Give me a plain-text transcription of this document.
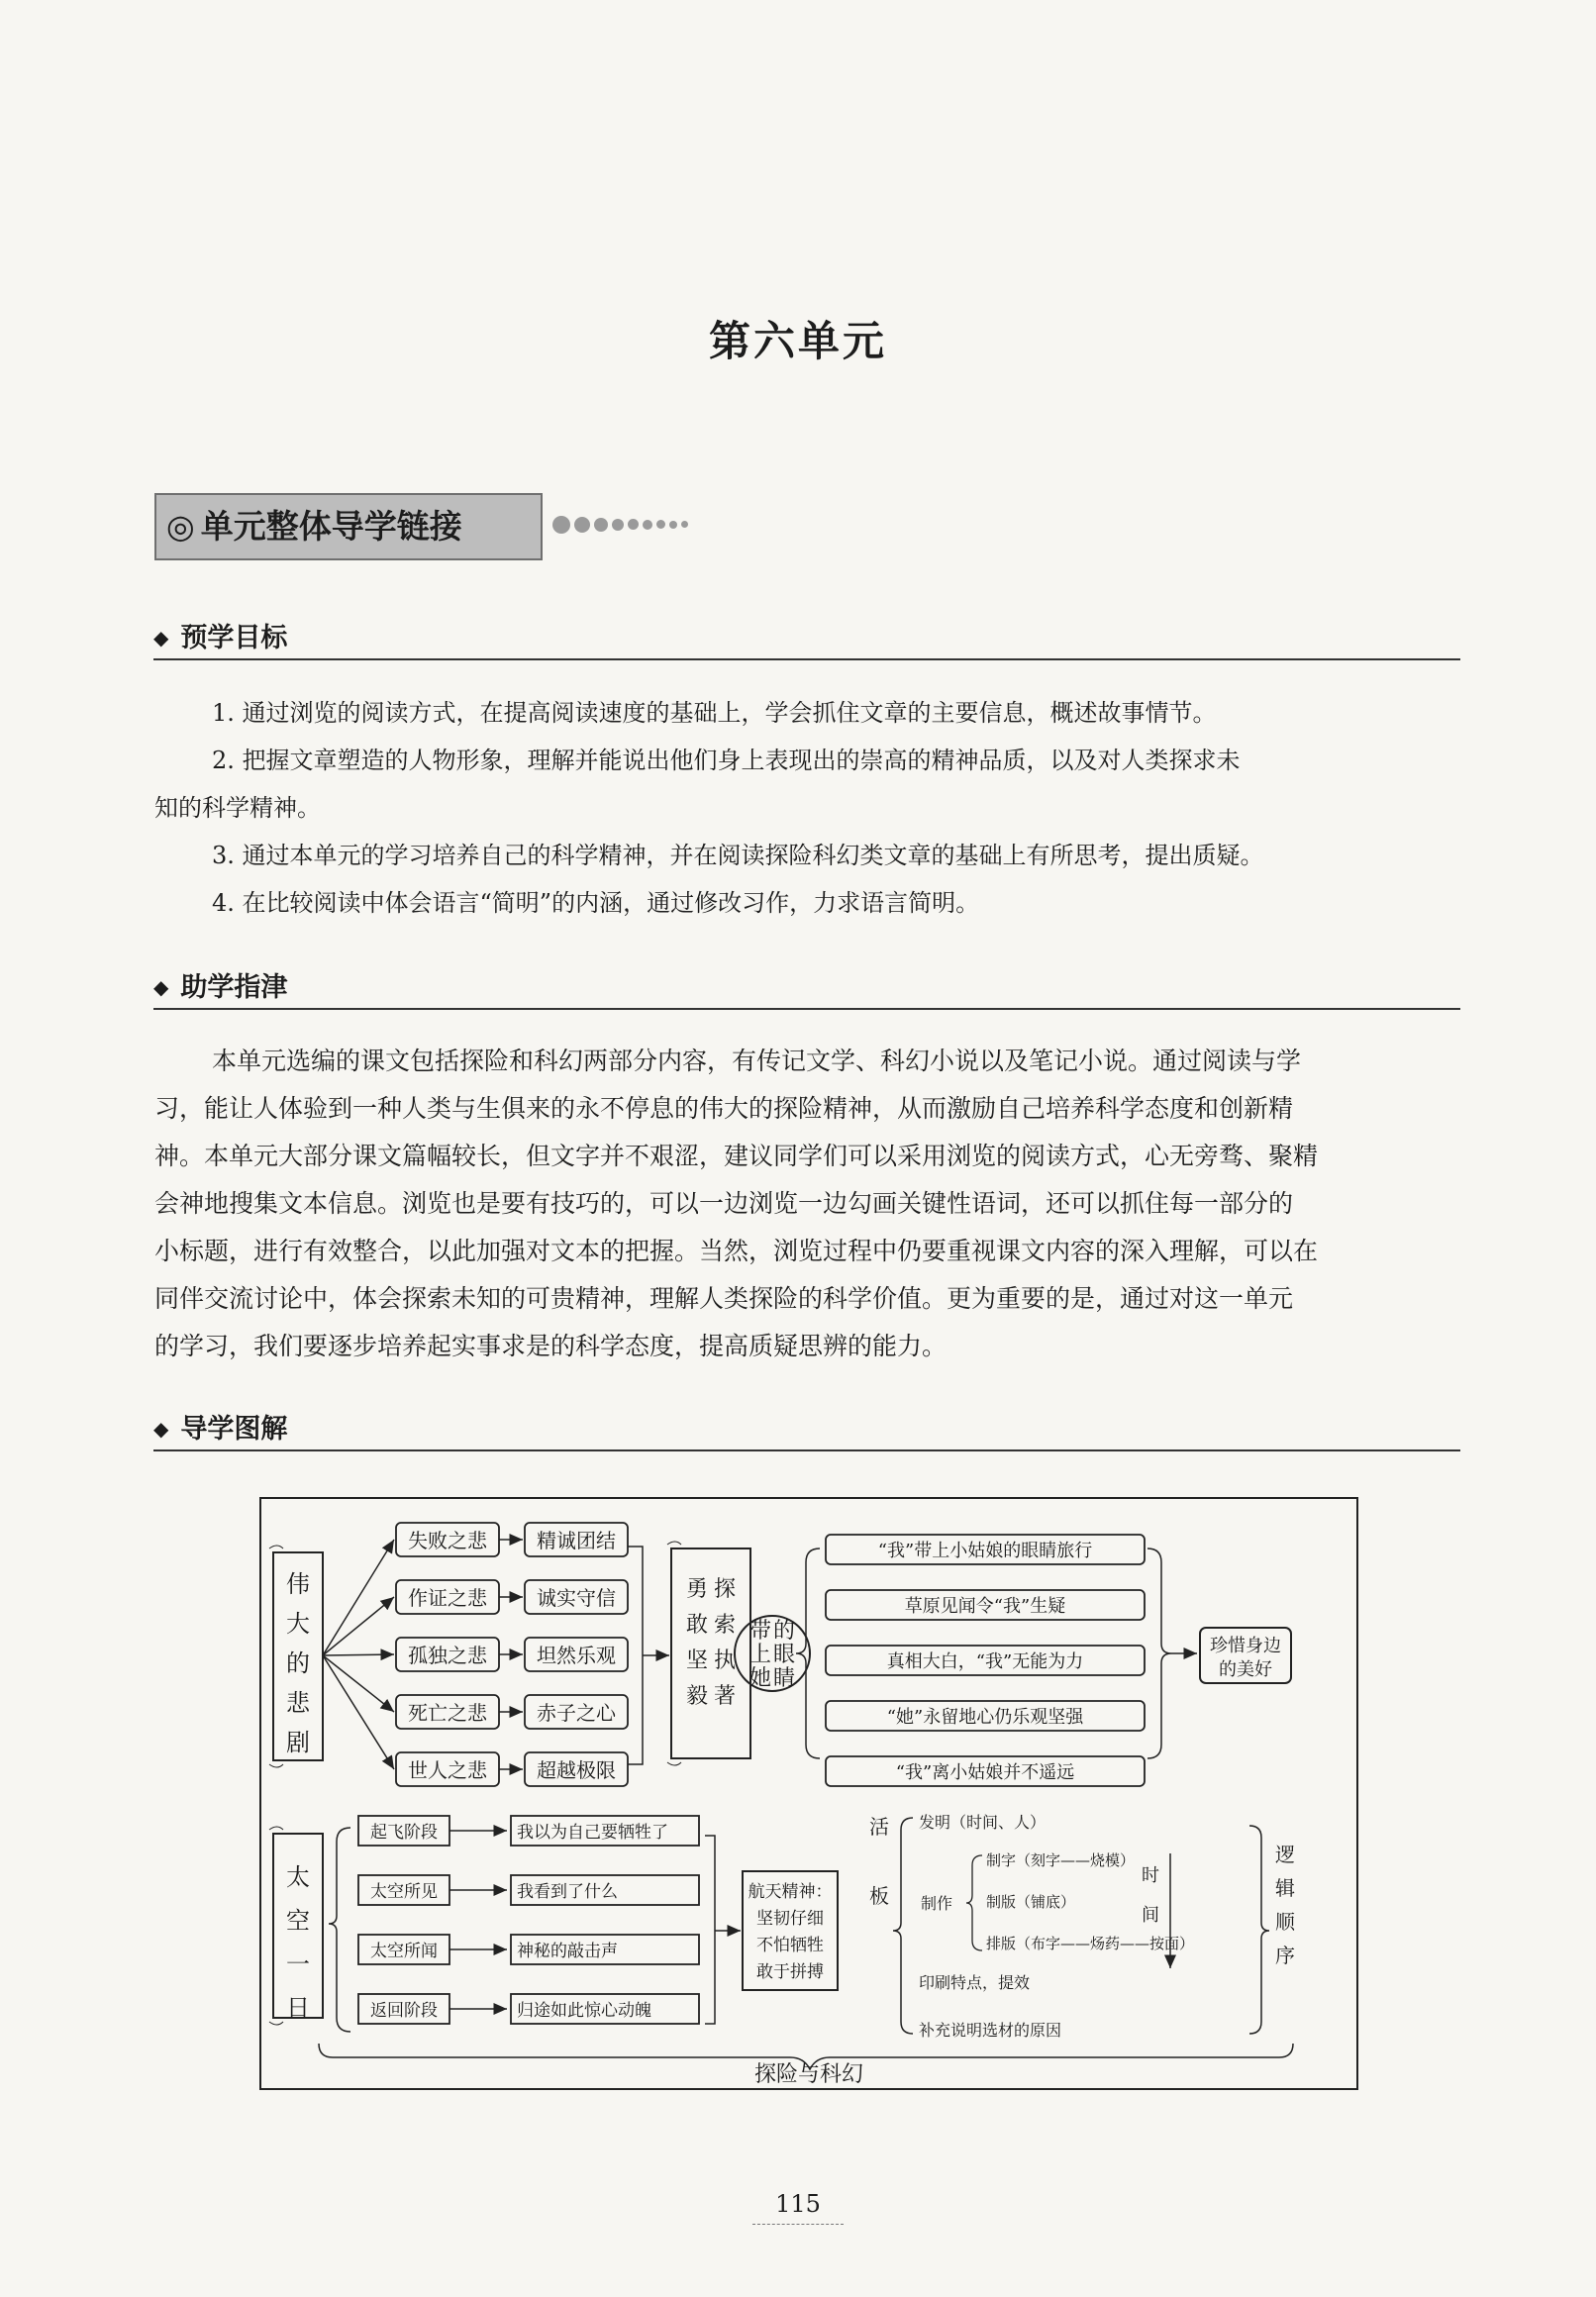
第六单元
◎ 单元整体导学链接
◆ 预学目标

1. 通过浏览的阅读方式，在提高阅读速度的基础上，学会抓住文章的主要信息，概述故事情节。

2. 把握文章塑造的人物形象，理解并能说出他们身上表现出的崇高的精神品质，以及对人类探求未

知的科学精神。

3. 通过本单元的学习培养自己的科学精神，并在阅读探险科幻类文章的基础上有所思考，提出质疑。

4. 在比较阅读中体会语言“简明”的内涵，通过修改习作，力求语言简明。

◆ 助学指津

本单元选编的课文包括探险和科幻两部分内容，有传记文学、科幻小说以及笔记小说。通过阅读与学

习，能让人体验到一种人类与生俱来的永不停息的伟大的探险精神，从而激励自己培养科学态度和创新精

神。本单元大部分课文篇幅较长，但文字并不艰涩，建议同学们可以采用浏览的阅读方式，心无旁骛、聚精

会神地搜集文本信息。浏览也是要有技巧的，可以一边浏览一边勾画关键性语词，还可以抓住每一部分的

小标题，进行有效整合，以此加强对文本的把握。当然，浏览过程中仍要重视课文内容的深入理解，可以在

同伴交流讨论中，体会探索未知的可贵精神，理解人类探险的科学价值。更为重要的是，通过对这一单元

的学习，我们要逐步培养起实事求是的科学态度，提高质疑思辨的能力。

◆ 导学图解
伟大的悲剧
失败之悲
作证之悲
孤独之悲
死亡之悲
世人之悲
精诚团结
诚实守信
坦然乐观
赤子之心
超越极限
勇敢坚毅探索执著
带上她的眼睛
“我”带上小姑娘的眼睛旅行
草原见闻令“我”生疑
真相大白，“我”无能为力
“她”永留地心仍乐观坚强
“我”离小姑娘并不遥远
珍惜身边的美好
太空一日
起飞阶段
太空所见
太空所闻
返回阶段
我以为自己要牺牲了
我看到了什么
神秘的敲击声
归途如此惊心动魄
航天精神：坚韧仔细不怕牺牲敢于拼搏
活板
发明（时间、人）
制作
制字（刻字——烧模）
制版（铺底）
排版（布字——炀药——按面）
印刷特点，提效
补充说明选材的原因
时间
逻辑顺序
探险与科幻
115
